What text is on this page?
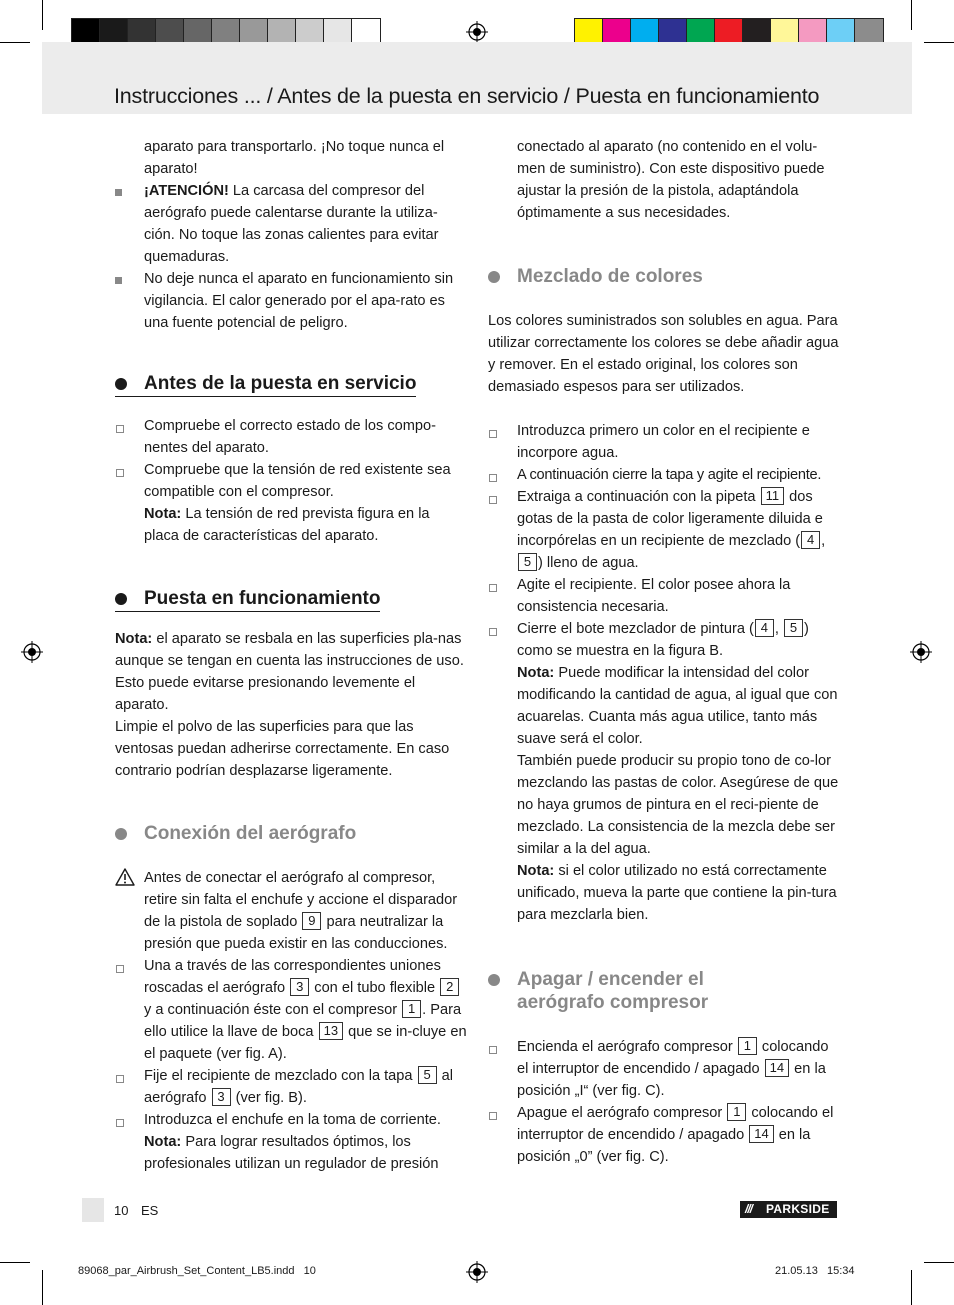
Instrucciones ... / Antes de la puesta en servicio / Puesta en funcionamiento

aparato para transportarlo. ¡No toque nunca el aparato!

¡ATENCIÓN! La carcasa del compresor del aerógrafo puede calentarse durante la utiliza-ción. No toque las zonas calientes para evitar quemaduras.

No deje nunca el aparato en funcionamiento sin vigilancia. El calor generado por el apa-rato es una fuente potencial de peligro.

Antes de la puesta en servicio

Compruebe el correcto estado de los compo-nentes del aparato.

Compruebe que la tensión de red existente sea compatible con el compresor.
Nota: La tensión de red prevista figura en la placa de características del aparato.

Puesta en funcionamiento

Nota: el aparato se resbala en las superficies pla-nas aunque se tengan en cuenta las instrucciones de uso. Esto puede evitarse presionando levemente el aparato.

Limpie el polvo de las superficies para que las ventosas puedan adherirse correctamente. En caso contrario podrían desplazarse ligeramente.

Conexión del aerógrafo

Antes de conectar el aerógrafo al compresor, retire sin falta el enchufe y accione el disparador de la pistola de soplado 9 para neutralizar la presión que pueda existir en las conducciones.

Una a través de las correspondientes uniones roscadas el aerógrafo 3 con el tubo flexible 2 y a continuación éste con el compresor 1 . Para ello utilice la llave de boca 13 que se in-cluye en el paquete (ver fig. A).

Fije el recipiente de mezclado con la tapa 5 al aerógrafo 3 (ver fig. B).

Introduzca el enchufe en la toma de corriente.
Nota: Para lograr resultados óptimos, los profesionales utilizan un regulador de presión

conectado al aparato (no contenido en el volu-men de suministro). Con este dispositivo puede ajustar la presión de la pistola, adaptándola óptimamente a sus necesidades.

Mezclado de colores

Los colores suministrados son solubles en agua. Para utilizar correctamente los colores se debe añadir agua y remover. En el estado original, los colores son demasiado espesos para ser utilizados.

Introduzca primero un color en el recipiente e incorpore agua.

A continuación cierre la tapa y agite el recipiente.

Extraiga a continuación con la pipeta 11 dos gotas de la pasta de color ligeramente diluida e incorpórelas en un recipiente de mezclado ( 4 , 5 ) lleno de agua.

Agite el recipiente. El color posee ahora la consistencia necesaria.

Cierre el bote mezclador de pintura ( 4 , 5 ) como se muestra en la figura B.
Nota: Puede modificar la intensidad del color modificando la cantidad de agua, al igual que con acuarelas. Cuanta más agua utilice, tanto más suave será el color.
También puede producir su propio tono de co-lor mezclando las pastas de color. Asegúrese de que no haya grumos de pintura en el reci-piente de mezclado. La consistencia de la mezcla debe ser similar a la del agua.
Nota: si el color utilizado no está correctamente unificado, mueva la parte que contiene la pin-tura para mezclarla bien.

Apagar / encender el
aerógrafo compresor

Encienda el aerógrafo compresor 1 colocando el interruptor de encendido / apagado 14 en la posición „I“ (ver fig. C).

Apague el aerógrafo compresor 1 colocando el interruptor de encendido / apagado 14 en la posición „0” (ver fig. C).

10 ES	/// PARKSIDE
89068_par_Airbrush_Set_Content_LB5.indd   10	21.05.13   15:34
